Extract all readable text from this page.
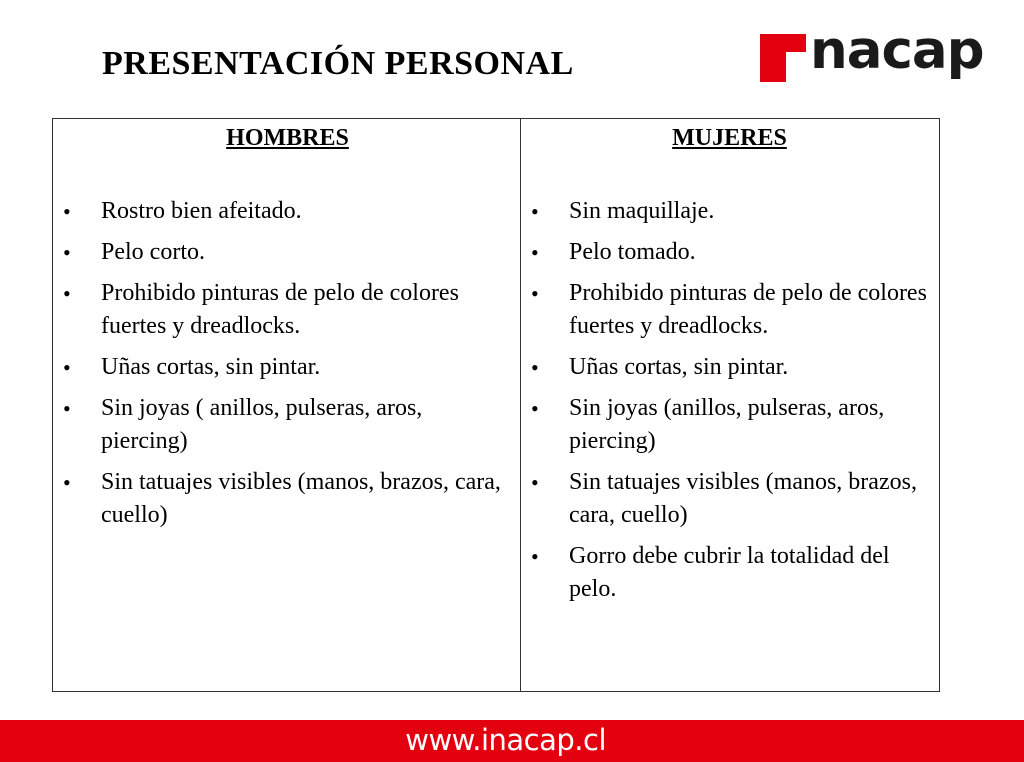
PRESENTACIÓN PERSONAL	nacap
HOMBRES
• Rostro bien afeitado.
• Pelo corto.
• Prohibido pinturas de pelo de colores fuertes y dreadlocks.
• Uñas cortas, sin pintar.
• Sin joyas ( anillos, pulseras, aros, piercing)
• Sin tatuajes visibles (manos, brazos, cara, cuello)
MUJERES
• Sin maquillaje.
• Pelo tomado.
• Prohibido pinturas de pelo de colores fuertes y dreadlocks.
• Uñas cortas, sin pintar.
• Sin joyas (anillos, pulseras, aros, piercing)
• Sin tatuajes visibles (manos, brazos, cara, cuello)
• Gorro debe cubrir la totalidad del pelo.
www.inacap.cl
